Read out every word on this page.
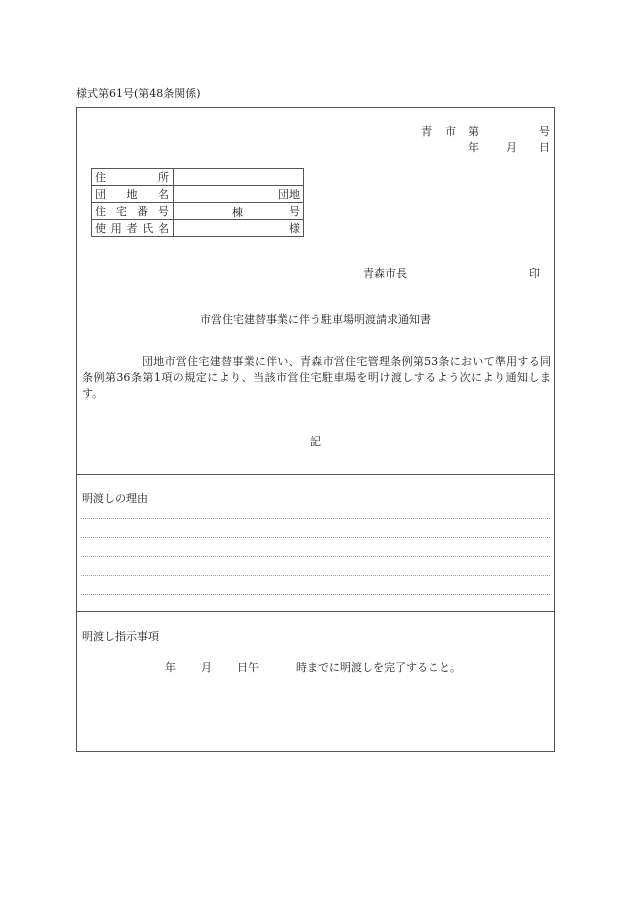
様式第61号(第48条関係)
青 市 第	号
年 月 日
住所	
団地名	団地
住宅番号	棟 号
使用者氏名	様
青森市長	印
市営住宅建替事業に伴う駐車場明渡請求通知書
団地市営住宅建替事業に伴い、青森市営住宅管理条例第53条において準用する同条例第36条第1項の規定により、当該市営住宅駐車場を明け渡しするよう次により通知します。
記
明渡しの理由
明渡し指示事項
年 月 日午	時までに明渡しを完了すること。
